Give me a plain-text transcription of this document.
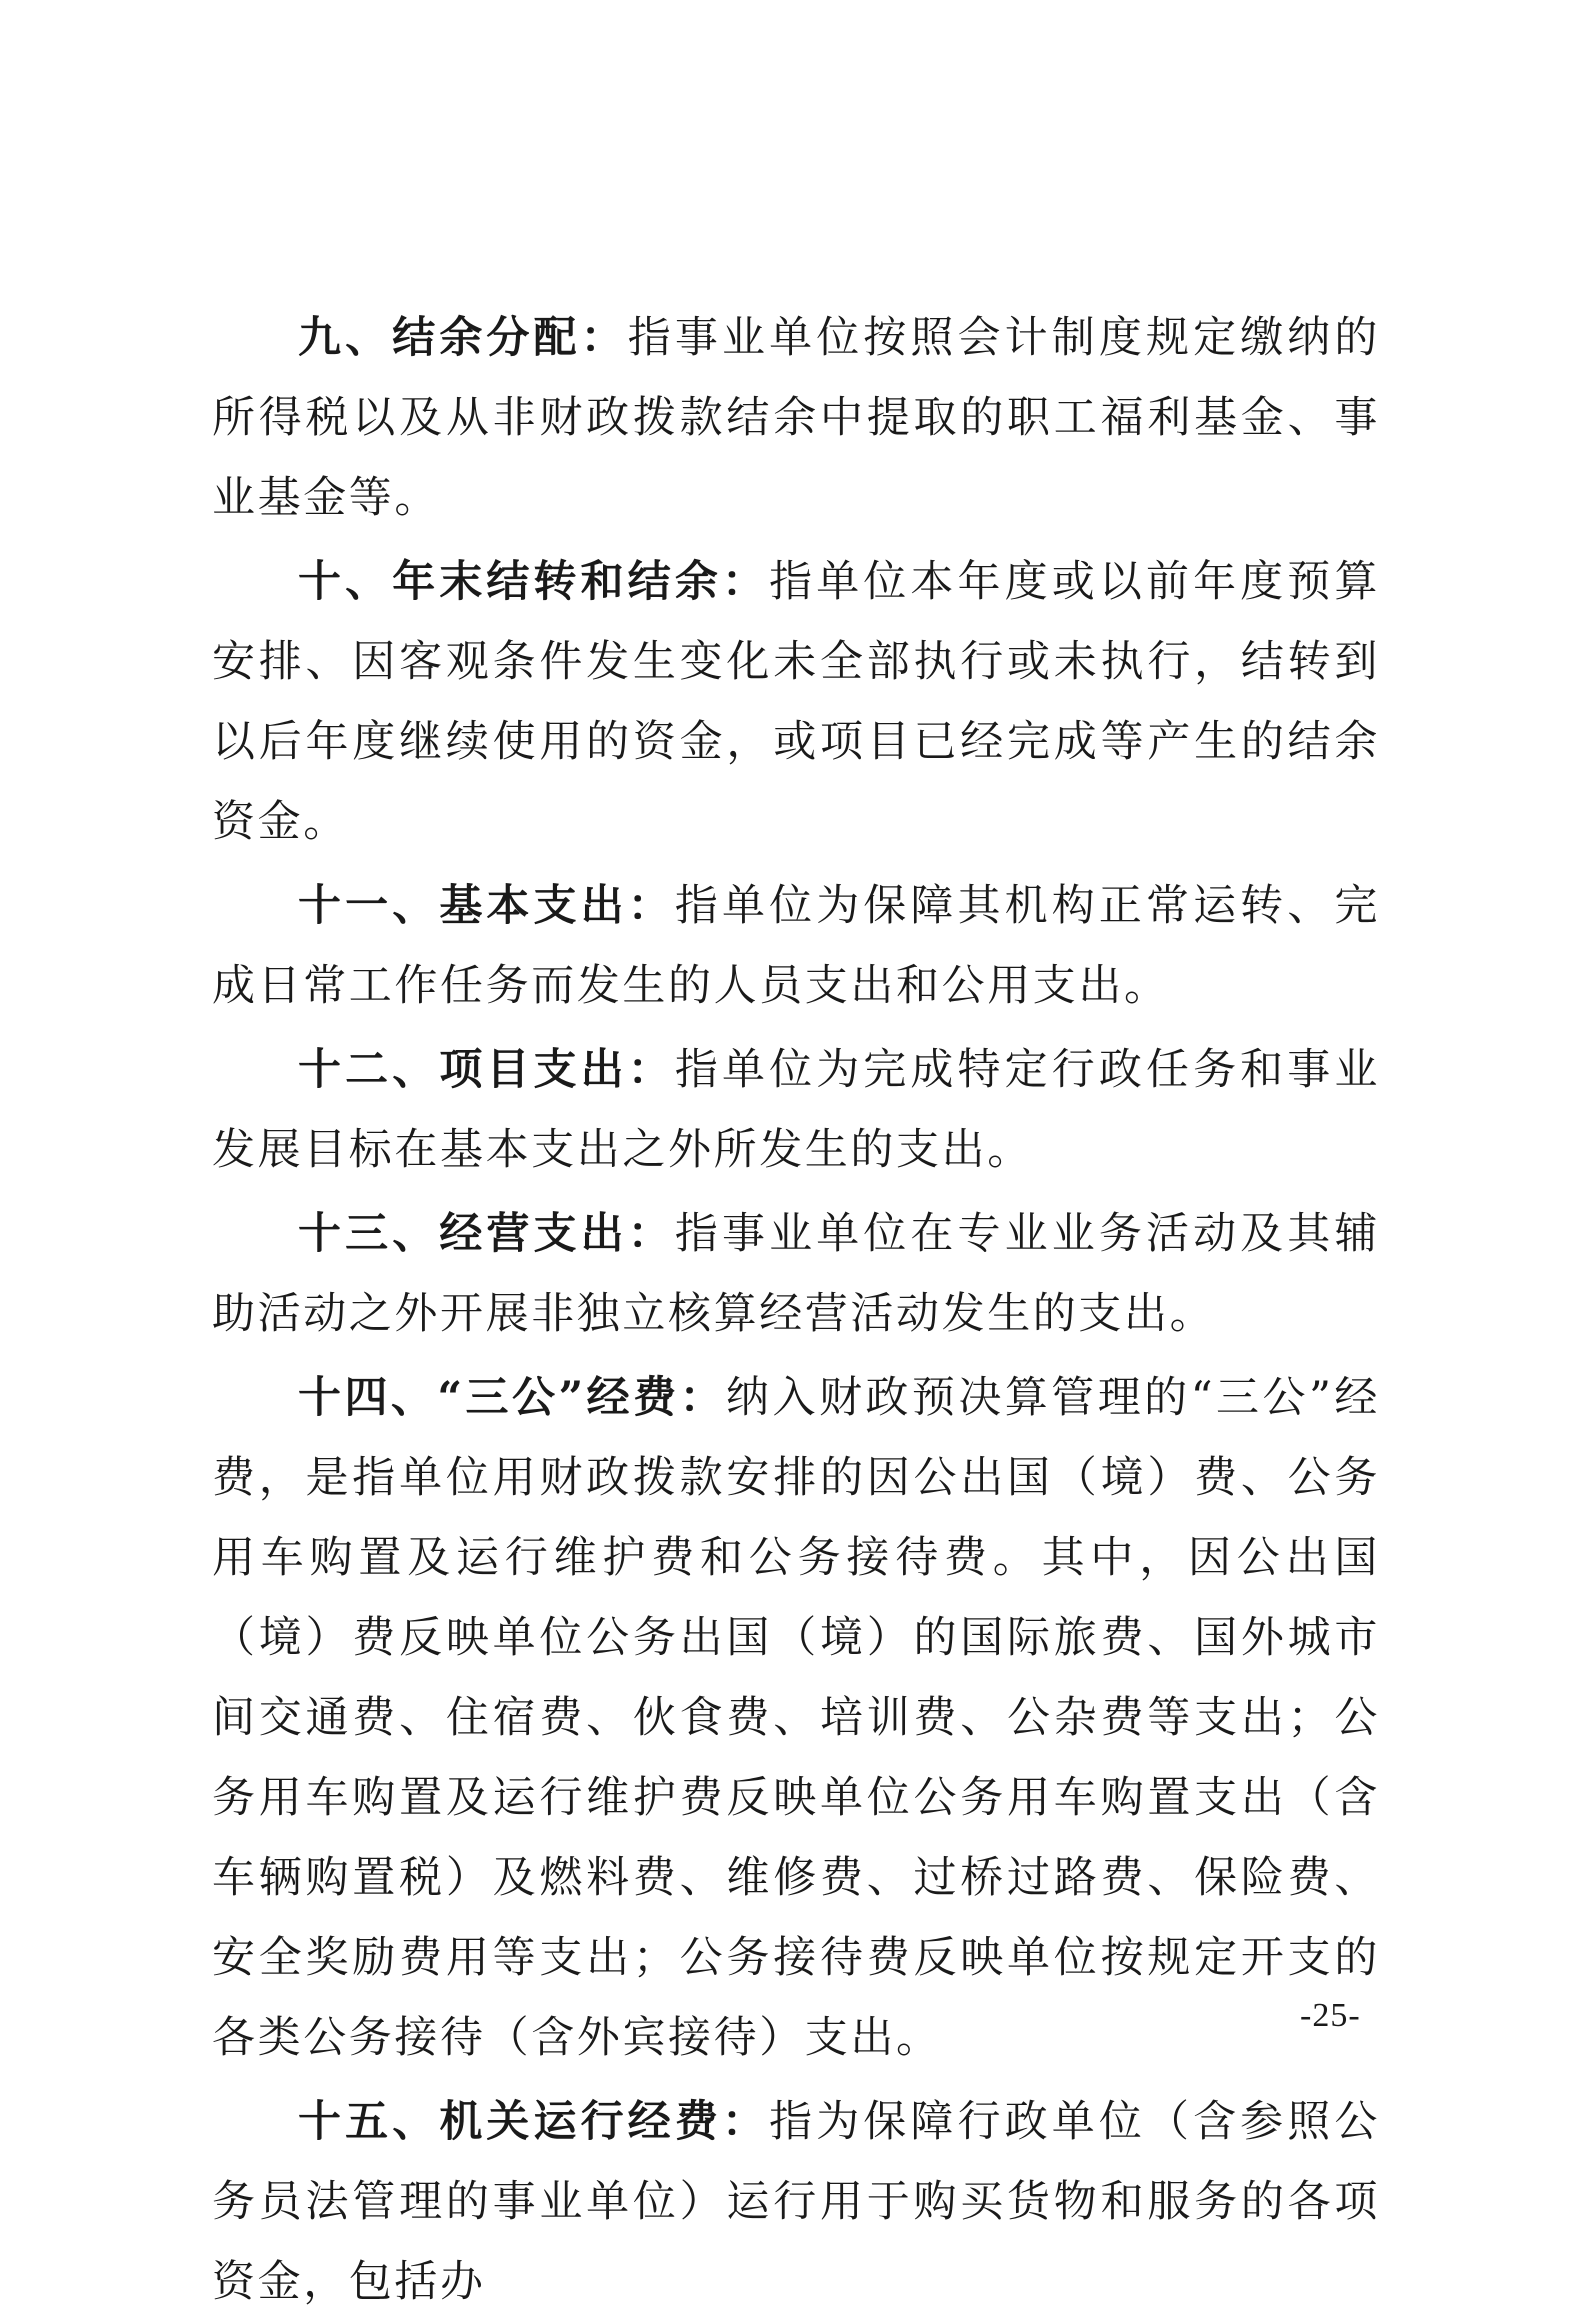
九、结余分配：指事业单位按照会计制度规定缴纳的所得税以及从非财政拨款结余中提取的职工福利基金、事业基金等。

十、年末结转和结余：指单位本年度或以前年度预算安排、因客观条件发生变化未全部执行或未执行，结转到以后年度继续使用的资金，或项目已经完成等产生的结余资金。

十一、基本支出：指单位为保障其机构正常运转、完成日常工作任务而发生的人员支出和公用支出。

十二、项目支出：指单位为完成特定行政任务和事业发展目标在基本支出之外所发生的支出。

十三、经营支出：指事业单位在专业业务活动及其辅助活动之外开展非独立核算经营活动发生的支出。

十四、“三公”经费：纳入财政预决算管理的“三公”经费，是指单位用财政拨款安排的因公出国（境）费、公务用车购置及运行维护费和公务接待费。其中，因公出国（境）费反映单位公务出国（境）的国际旅费、国外城市间交通费、住宿费、伙食费、培训费、公杂费等支出；公务用车购置及运行维护费反映单位公务用车购置支出（含车辆购置税）及燃料费、维修费、过桥过路费、保险费、安全奖励费用等支出；公务接待费反映单位按规定开支的各类公务接待（含外宾接待）支出。

十五、机关运行经费：指为保障行政单位（含参照公务员法管理的事业单位）运行用于购买货物和服务的各项资金，包括办

-25-
